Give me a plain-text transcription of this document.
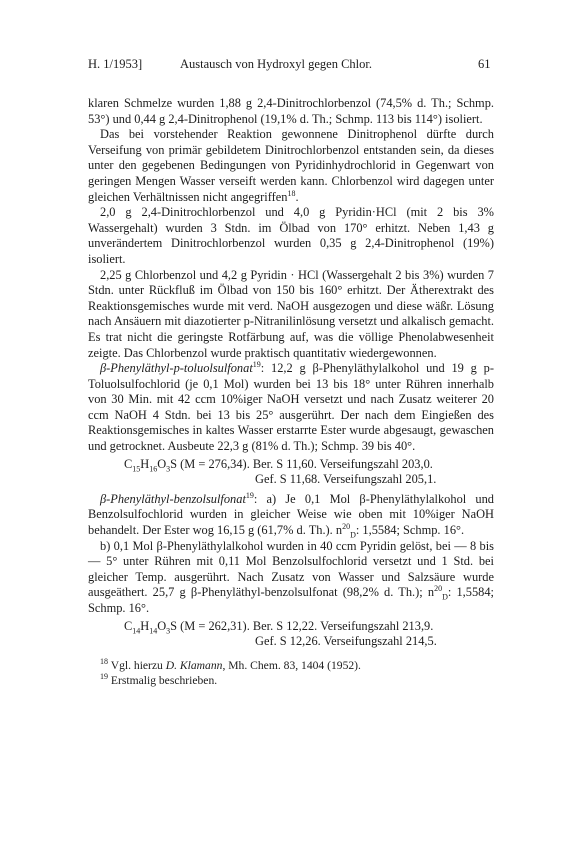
H. 1/1953]	Austausch von Hydroxyl gegen Chlor.	61

klaren Schmelze wurden 1,88 g 2,4-Dinitrochlorbenzol (74,5% d. Th.; Schmp. 53°) und 0,44 g 2,4-Dinitrophenol (19,1% d. Th.; Schmp. 113 bis 114°) isoliert.

Das bei vorstehender Reaktion gewonnene Dinitrophenol dürfte durch Verseifung von primär gebildetem Dinitrochlorbenzol entstanden sein, da dieses unter den gegebenen Bedingungen von Pyridinhydrochlorid in Gegenwart von geringen Mengen Wasser verseift werden kann. Chlorbenzol wird dagegen unter gleichen Verhältnissen nicht angegriffen$^{18}$.

2,0 g 2,4-Dinitrochlorbenzol und 4,0 g Pyridin·HCl (mit 2 bis 3% Wassergehalt) wurden 3 Stdn. im Ölbad von 170° erhitzt. Neben 1,43 g unverändertem Dinitrochlorbenzol wurden 0,35 g 2,4-Dinitrophenol (19%) isoliert.

2,25 g Chlorbenzol und 4,2 g Pyridin · HCl (Wassergehalt 2 bis 3%) wurden 7 Stdn. unter Rückfluß im Ölbad von 150 bis 160° erhitzt. Der Ätherextrakt des Reaktionsgemisches wurde mit verd. NaOH ausgezogen und diese wäßr. Lösung nach Ansäuern mit diazotierter p-Nitranilinlösung versetzt und alkalisch gemacht. Es trat nicht die geringste Rotfärbung auf, was die völlige Phenolabwesenheit zeigte. Das Chlorbenzol wurde praktisch quantitativ wiedergewonnen.

β-Phenyläthyl-p-toluolsulfonat$^{19}$: 12,2 g β-Phenyläthylalkohol und 19 g p-Toluolsulfochlorid (je 0,1 Mol) wurden bei 13 bis 18° unter Rühren innerhalb von 30 Min. mit 42 ccm 10%iger NaOH versetzt und nach Zusatz weiterer 20 ccm NaOH 4 Stdn. bei 13 bis 25° ausgerührt. Der nach dem Eingießen des Reaktionsgemisches in kaltes Wasser erstarrte Ester wurde abgesaugt, gewaschen und getrocknet. Ausbeute 22,3 g (81% d. Th.); Schmp. 39 bis 40°.

$C_{15}H_{16}O_3S$ (M = 276,34). Ber. S 11,60. Verseifungszahl 203,0.
Gef. S 11,68. Verseifungszahl 205,1.

β-Phenyläthyl-benzolsulfonat$^{19}$: a) Je 0,1 Mol β-Phenyläthylalkohol und Benzolsulfochlorid wurden in gleicher Weise wie oben mit 10%iger NaOH behandelt. Der Ester wog 16,15 g (61,7% d. Th.). $n^{20}_D$: 1,5584; Schmp. 16°.

b) 0,1 Mol β-Phenyläthylalkohol wurden in 40 ccm Pyridin gelöst, bei — 8 bis — 5° unter Rühren mit 0,11 Mol Benzolsulfochlorid versetzt und 1 Std. bei gleicher Temp. ausgerührt. Nach Zusatz von Wasser und Salzsäure wurde ausgeäthert. 25,7 g β-Phenyläthyl-benzolsulfonat (98,2% d. Th.); $n^{20}_D$: 1,5584; Schmp. 16°.

$C_{14}H_{14}O_3S$ (M = 262,31). Ber. S 12,22. Verseifungszahl 213,9.
Gef. S 12,26. Verseifungszahl 214,5.

$^{18}$ Vgl. hierzu D. Klamann, Mh. Chem. 83, 1404 (1952).

$^{19}$ Erstmalig beschrieben.
